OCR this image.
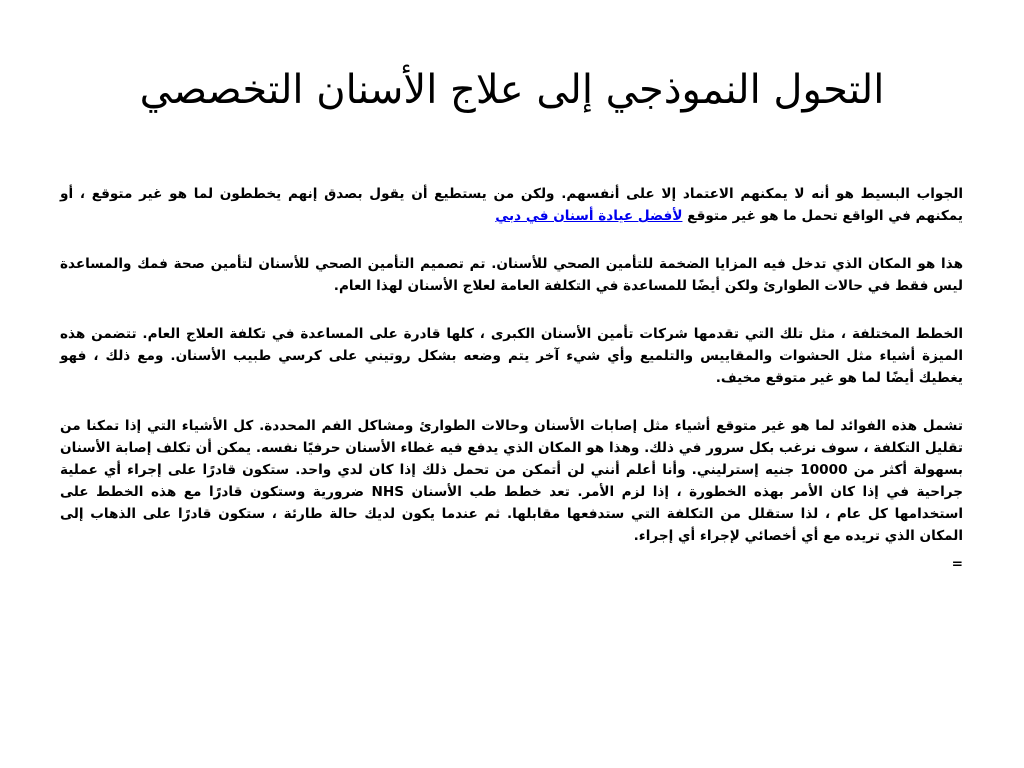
التحول النموذجي إلى علاج الأسنان التخصصي

الجواب البسيط هو أنه لا يمكنهم الاعتماد إلا على أنفسهم. ولكن من يستطيع أن يقول بصدق إنهم يخططون لما هو غير متوقع ، أو يمكنهم في الواقع تحمل ما هو غير متوقع لأفضل عيادة أسنان في دبي

هذا هو المكان الذي تدخل فيه المزايا الضخمة للتأمين الصحي للأسنان. تم تصميم التأمين الصحي للأسنان لتأمين صحة فمك والمساعدة ليس فقط في حالات الطوارئ ولكن أيضًا للمساعدة في التكلفة العامة لعلاج الأسنان لهذا العام.

الخطط المختلفة ، مثل تلك التي تقدمها شركات تأمين الأسنان الكبرى ، كلها قادرة على المساعدة في تكلفة العلاج العام. تتضمن هذه الميزة أشياء مثل الحشوات والمقاييس والتلميع وأي شيء آخر يتم وضعه بشكل روتيني على كرسي طبيب الأسنان. ومع ذلك ، فهو يغطيك أيضًا لما هو غير متوقع مخيف.

تشمل هذه الفوائد لما هو غير متوقع أشياء مثل إصابات الأسنان وحالات الطوارئ ومشاكل الفم المحددة. كل الأشياء التي إذا تمكنا من تقليل التكلفة ، سوف نرغب بكل سرور في ذلك. وهذا هو المكان الذي يدفع فيه غطاء الأسنان حرفيًا نفسه. يمكن أن تكلف إصابة الأسنان بسهولة أكثر من 10000 جنيه إسترليني. وأنا أعلم أنني لن أتمكن من تحمل ذلك إذا كان لدي واحد. ستكون قادرًا على إجراء أي عملية جراحية في إذا كان الأمر بهذه الخطورة ، إذا لزم الأمر. تعد خطط طب الأسنان NHS ضرورية وستكون قادرًا مع هذه الخطط على استخدامها كل عام ، لذا ستقلل من التكلفة التي ستدفعها مقابلها. ثم عندما يكون لديك حالة طارئة ، ستكون قادرًا على الذهاب إلى المكان الذي تريده مع أي أخصائي لإجراء أي إجراء.

=
